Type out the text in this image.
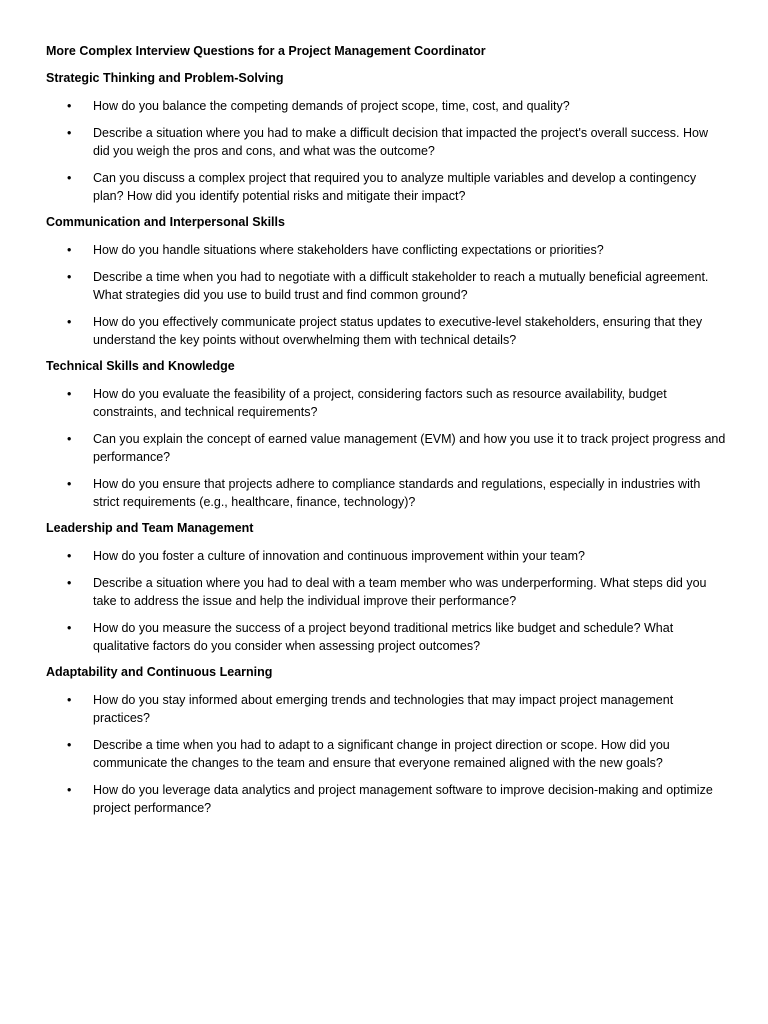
More Complex Interview Questions for a Project Management Coordinator
Strategic Thinking and Problem-Solving
• How do you balance the competing demands of project scope, time, cost, and quality?
• Describe a situation where you had to make a difficult decision that impacted the project's overall success. How did you weigh the pros and cons, and what was the outcome?
• Can you discuss a complex project that required you to analyze multiple variables and develop a contingency plan? How did you identify potential risks and mitigate their impact?
Communication and Interpersonal Skills
• How do you handle situations where stakeholders have conflicting expectations or priorities?
• Describe a time when you had to negotiate with a difficult stakeholder to reach a mutually beneficial agreement. What strategies did you use to build trust and find common ground?
• How do you effectively communicate project status updates to executive-level stakeholders, ensuring that they understand the key points without overwhelming them with technical details?
Technical Skills and Knowledge
• How do you evaluate the feasibility of a project, considering factors such as resource availability, budget constraints, and technical requirements?
• Can you explain the concept of earned value management (EVM) and how you use it to track project progress and performance?
• How do you ensure that projects adhere to compliance standards and regulations, especially in industries with strict requirements (e.g., healthcare, finance, technology)?
Leadership and Team Management
• How do you foster a culture of innovation and continuous improvement within your team?
• Describe a situation where you had to deal with a team member who was underperforming. What steps did you take to address the issue and help the individual improve their performance?
• How do you measure the success of a project beyond traditional metrics like budget and schedule? What qualitative factors do you consider when assessing project outcomes?
Adaptability and Continuous Learning
• How do you stay informed about emerging trends and technologies that may impact project management practices?
• Describe a time when you had to adapt to a significant change in project direction or scope. How did you communicate the changes to the team and ensure that everyone remained aligned with the new goals?
• How do you leverage data analytics and project management software to improve decision-making and optimize project performance?
